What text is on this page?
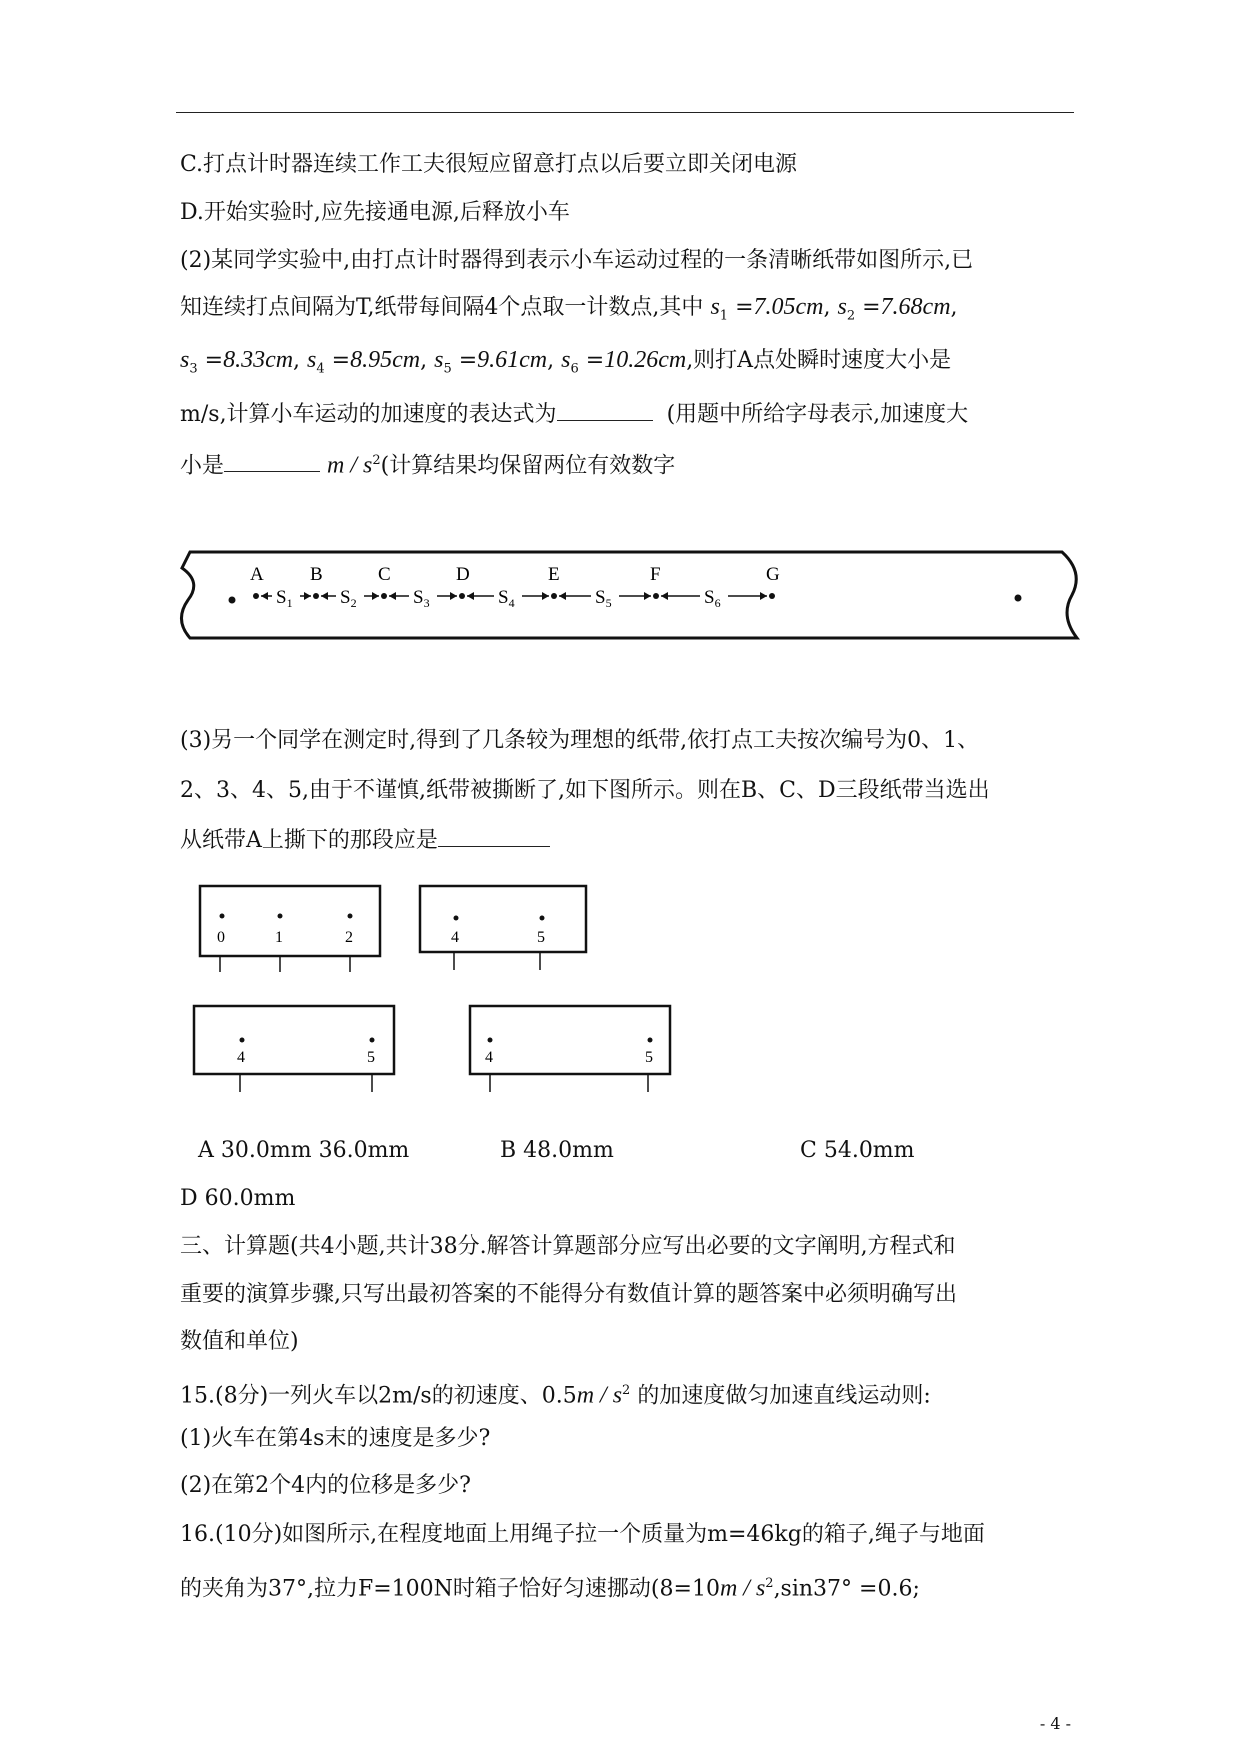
C.打点计时器连续工作工夫很短应留意打点以后要立即关闭电源
D.开始实验时,应先接通电源,后释放小车
(2)某同学实验中,由打点计时器得到表示小车运动过程的一条清晰纸带如图所示,已
知连续打点间隔为T,纸带每间隔4个点取一计数点,其中 $s_1 =7.05cm$, $s_2 =7.68cm$,
$s_3 =8.33cm$, $s_4 =8.95cm$, $s_5 =9.61cm$, $s_6 =10.26cm$,则打A点处瞬时速度大小是
m/s,计算小车运动的加速度的表达式为	(用题中所给字母表示,加速度大
小是	m / $s^2$(计算结果均保留两位有效数字
A B	C	D	E	F	G
$S_1$ $S_2$	$S_3$	$S_4$	$S_5$	$S_6$
(3)另一个同学在测定时,得到了几条较为理想的纸带,依打点工夫按次编号为0、1、
2、3、4、5,由于不谨慎,纸带被撕断了,如下图所示。则在B、C、D三段纸带当选出
从纸带A上撕下的那段应是
0	1	2	4	5
4	5	4	5
A 30.0mm 36.0mm	B 48.0mm	C 54.0mm
D 60.0mm
三、计算题(共4小题,共计38分.解答计算题部分应写出必要的文字阐明,方程式和
重要的演算步骤,只写出最初答案的不能得分有数值计算的题答案中必须明确写出
数值和单位)
15.(8分)一列火车以2m/s的初速度、$0.5m / s^2$ 的加速度做匀加速直线运动则:
(1)火车在第4s末的速度是多少?
(2)在第2个4内的位移是多少?
16.(10分)如图所示,在程度地面上用绳子拉一个质量为m=46kg的箱子,绳子与地面
的夹角为37°,拉力F=100N时箱子恰好匀速挪动($8=10m / s^2,\sin 37^\circ =0.6$;
- 4 -
